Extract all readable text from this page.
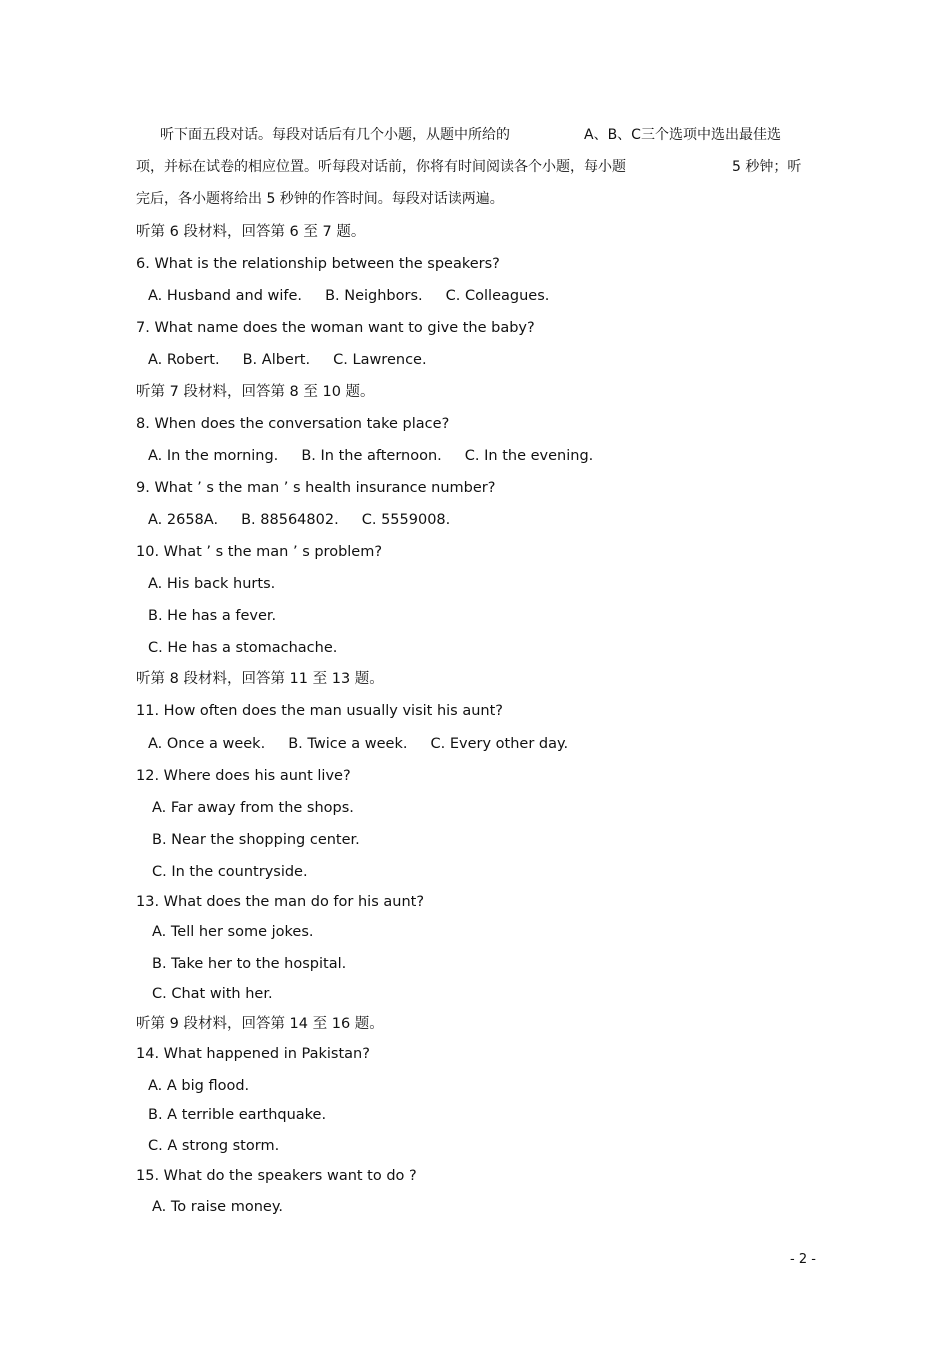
听下面五段对话。每段对话后有几个小题，从题中所给的	A、B、C三个选项中选出最佳选
项，并标在试卷的相应位置。听每段对话前，你将有时间阅读各个小题，每小题	5 秒钟；听
完后，各小题将给出 5 秒钟的作答时间。每段对话读两遍。
听第 6 段材料，回答第 6 至 7 题。
6. What is the relationship between the speakers?
A. Husband and wife.     B. Neighbors.     C. Colleagues.
7. What name does the woman want to give the baby?
A. Robert.     B. Albert.     C. Lawrence.
听第 7 段材料，回答第 8 至 10 题。
8. When does the conversation take place?
A. In the morning.     B. In the afternoon.     C. In the evening.
9. What ’ s the man ’ s health insurance number?
A. 2658A.     B. 88564802.     C. 5559008.
10. What ’ s the man ’ s problem?
A. His back hurts.
B. He has a fever.
C. He has a stomachache.
听第 8 段材料，回答第 11 至 13 题。
11. How often does the man usually visit his aunt?
A. Once a week.     B. Twice a week.     C. Every other day.
12. Where does his aunt live?
A. Far away from the shops.
B. Near the shopping center.
C. In the countryside.
13. What does the man do for his aunt?
A. Tell her some jokes.
B. Take her to the hospital.
C. Chat with her.
听第 9 段材料，回答第 14 至 16 题。
14. What happened in Pakistan?
A. A big flood.
B. A terrible earthquake.
C. A strong storm.
15. What do the speakers want to do ?
A. To raise money.
- 2 -
